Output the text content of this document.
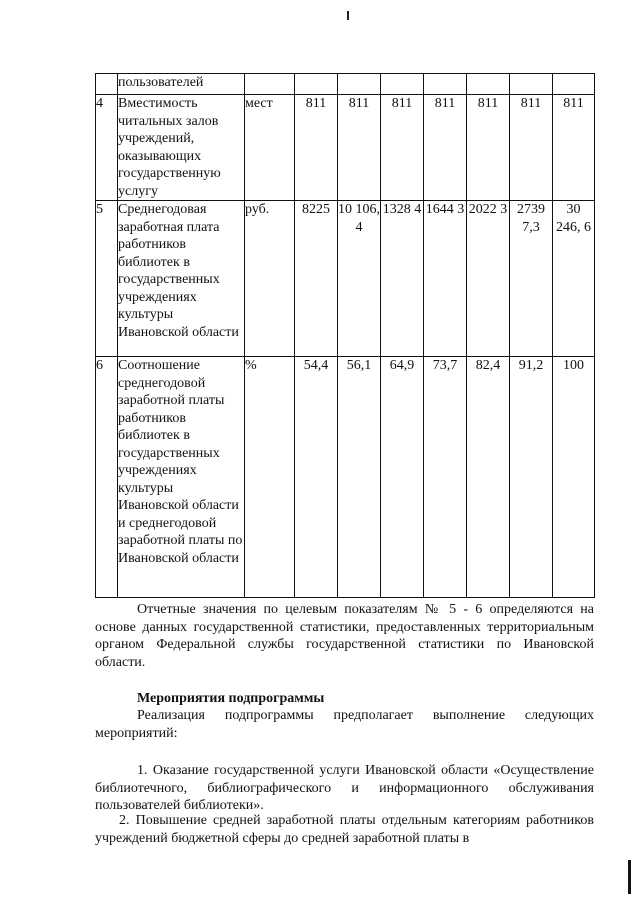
	пользователей								
4	Вместимость читальных залов учреждений, оказывающих государственную услугу	мест	811	811	811	811	811	811	811
5	Среднегодовая заработная плата работников библиотек в государственных учреждениях культуры Ивановской области	руб.	8225	10 106, 4	1328 4	1644 3	2022 3	2739 7,3	30 246, 6
6	Соотношение среднегодовой заработной платы работников библиотек в государственных учреждениях культуры Ивановской области и среднегодовой заработной платы по Ивановской области	%	54,4	56,1	64,9	73,7	82,4	91,2	100

Отчетные значения по целевым показателям № 5 - 6 определяются на основе данных государственной статистики, предоставленных территориальным органом Федеральной службы государственной статистики по Ивановской области.

Мероприятия подпрограммы

Реализация подпрограммы предполагает выполнение следующих мероприятий:

1. Оказание государственной услуги Ивановской области «Осуществление библиотечного, библиографического и информационного обслуживания пользователей библиотеки».

2. Повышение средней заработной платы отдельным категориям работников учреждений бюджетной сферы до средней заработной платы в
